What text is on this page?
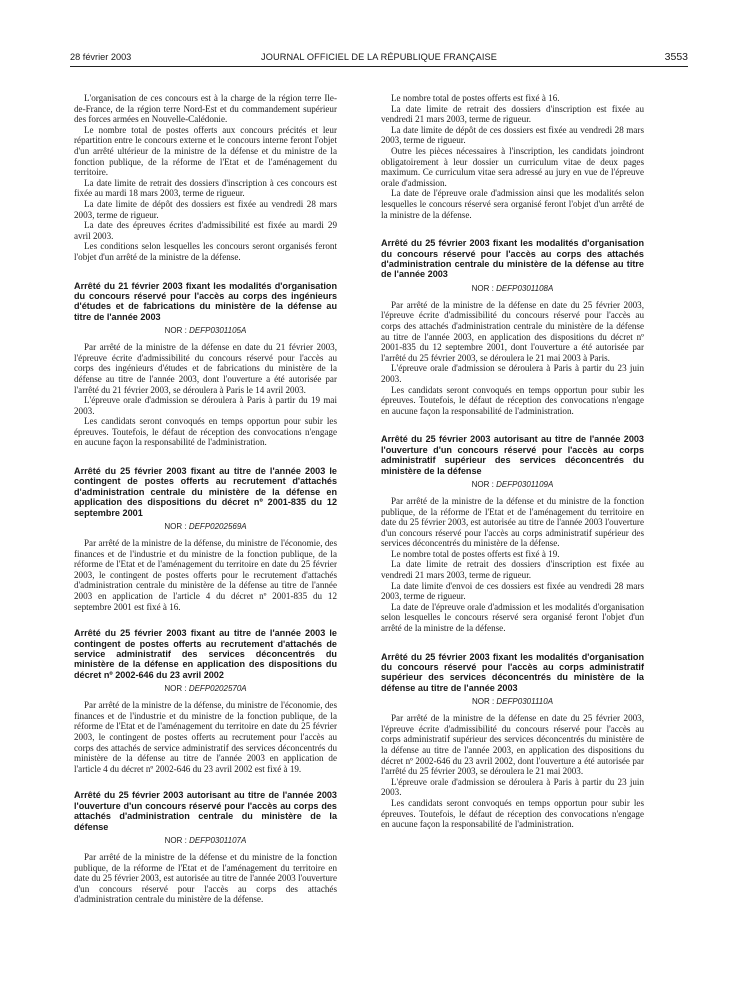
28 février 2003	JOURNAL OFFICIEL DE LA RÉPUBLIQUE FRANÇAISE	3553

L'organisation de ces concours est à la charge de la région terre Ile-de-France, de la région terre Nord-Est et du commandement supérieur des forces armées en Nouvelle-Calédonie.

Le nombre total de postes offerts aux concours précités et leur répartition entre le concours externe et le concours interne feront l'objet d'un arrêté ultérieur de la ministre de la défense et du ministre de la fonction publique, de la réforme de l'Etat et de l'aménagement du territoire.

La date limite de retrait des dossiers d'inscription à ces concours est fixée au mardi 18 mars 2003, terme de rigueur.

La date limite de dépôt des dossiers est fixée au vendredi 28 mars 2003, terme de rigueur.

La date des épreuves écrites d'admissibilité est fixée au mardi 29 avril 2003.

Les conditions selon lesquelles les concours seront organisés feront l'objet d'un arrêté de la ministre de la défense.

Arrêté du 21 février 2003 fixant les modalités d'organisation du concours réservé pour l'accès au corps des ingénieurs d'études et de fabrications du ministère de la défense au titre de l'année 2003
NOR : DEFP0301105A

Par arrêté de la ministre de la défense en date du 21 février 2003, l'épreuve écrite d'admissibilité du concours réservé pour l'accès au corps des ingénieurs d'études et de fabrications du ministère de la défense au titre de l'année 2003, dont l'ouverture a été autorisée par l'arrêté du 21 février 2003, se déroulera à Paris le 14 avril 2003.

L'épreuve orale d'admission se déroulera à Paris à partir du 19 mai 2003.

Les candidats seront convoqués en temps opportun pour subir les épreuves. Toutefois, le défaut de réception des convocations n'engage en aucune façon la responsabilité de l'administration.

Arrêté du 25 février 2003 fixant au titre de l'année 2003 le contingent de postes offerts au recrutement d'attachés d'administration centrale du ministère de la défense en application des dispositions du décret nº 2001-835 du 12 septembre 2001
NOR : DEFP0202569A

Par arrêté de la ministre de la défense, du ministre de l'économie, des finances et de l'industrie et du ministre de la fonction publique, de la réforme de l'Etat et de l'aménagement du territoire en date du 25 février 2003, le contingent de postes offerts pour le recrutement d'attachés d'administration centrale du ministère de la défense au titre de l'année 2003 en application de l'article 4 du décret nº 2001-835 du 12 septembre 2001 est fixé à 16.

Arrêté du 25 février 2003 fixant au titre de l'année 2003 le contingent de postes offerts au recrutement d'attachés de service administratif des services déconcentrés du ministère de la défense en application des dispositions du décret nº 2002-646 du 23 avril 2002
NOR : DEFP0202570A

Par arrêté de la ministre de la défense, du ministre de l'économie, des finances et de l'industrie et du ministre de la fonction publique, de la réforme de l'Etat et de l'aménagement du territoire en date du 25 février 2003, le contingent de postes offerts au recrutement pour l'accès au corps des attachés de service administratif des services déconcentrés du ministère de la défense au titre de l'année 2003 en application de l'article 4 du décret nº 2002-646 du 23 avril 2002 est fixé à 19.

Arrêté du 25 février 2003 autorisant au titre de l'année 2003 l'ouverture d'un concours réservé pour l'accès au corps des attachés d'administration centrale du ministère de la défense
NOR : DEFP0301107A

Par arrêté de la ministre de la défense et du ministre de la fonction publique, de la réforme de l'Etat et de l'aménagement du territoire en date du 25 février 2003, est autorisée au titre de l'année 2003 l'ouverture d'un concours réservé pour l'accès au corps des attachés d'administration centrale du ministère de la défense.

Le nombre total de postes offerts est fixé à 16.

La date limite de retrait des dossiers d'inscription est fixée au vendredi 21 mars 2003, terme de rigueur.

La date limite de dépôt de ces dossiers est fixée au vendredi 28 mars 2003, terme de rigueur.

Outre les pièces nécessaires à l'inscription, les candidats joindront obligatoirement à leur dossier un curriculum vitae de deux pages maximum. Ce curriculum vitae sera adressé au jury en vue de l'épreuve orale d'admission.

La date de l'épreuve orale d'admission ainsi que les modalités selon lesquelles le concours réservé sera organisé feront l'objet d'un arrêté de la ministre de la défense.

Arrêté du 25 février 2003 fixant les modalités d'organisation du concours réservé pour l'accès au corps des attachés d'administration centrale du ministère de la défense au titre de l'année 2003
NOR : DEFP0301108A

Par arrêté de la ministre de la défense en date du 25 février 2003, l'épreuve écrite d'admissibilité du concours réservé pour l'accès au corps des attachés d'administration centrale du ministère de la défense au titre de l'année 2003, en application des dispositions du décret nº 2001-835 du 12 septembre 2001, dont l'ouverture a été autorisée par l'arrêté du 25 février 2003, se déroulera le 21 mai 2003 à Paris.

L'épreuve orale d'admission se déroulera à Paris à partir du 23 juin 2003.

Les candidats seront convoqués en temps opportun pour subir les épreuves. Toutefois, le défaut de réception des convocations n'engage en aucune façon la responsabilité de l'administration.

Arrêté du 25 février 2003 autorisant au titre de l'année 2003 l'ouverture d'un concours réservé pour l'accès au corps administratif supérieur des services déconcentrés du ministère de la défense
NOR : DEFP0301109A

Par arrêté de la ministre de la défense et du ministre de la fonction publique, de la réforme de l'Etat et de l'aménagement du territoire en date du 25 février 2003, est autorisée au titre de l'année 2003 l'ouverture d'un concours réservé pour l'accès au corps administratif supérieur des services déconcentrés du ministère de la défense.

Le nombre total de postes offerts est fixé à 19.

La date limite de retrait des dossiers d'inscription est fixée au vendredi 21 mars 2003, terme de rigueur.

La date limite d'envoi de ces dossiers est fixée au vendredi 28 mars 2003, terme de rigueur.

La date de l'épreuve orale d'admission et les modalités d'organisation selon lesquelles le concours réservé sera organisé feront l'objet d'un arrêté de la ministre de la défense.

Arrêté du 25 février 2003 fixant les modalités d'organisation du concours réservé pour l'accès au corps administratif supérieur des services déconcentrés du ministère de la défense au titre de l'année 2003
NOR : DEFP0301110A

Par arrêté de la ministre de la défense en date du 25 février 2003, l'épreuve écrite d'admissibilité du concours réservé pour l'accès au corps administratif supérieur des services déconcentrés du ministère de la défense au titre de l'année 2003, en application des dispositions du décret nº 2002-646 du 23 avril 2002, dont l'ouverture a été autorisée par l'arrêté du 25 février 2003, se déroulera le 21 mai 2003.

L'épreuve orale d'admission se déroulera à Paris à partir du 23 juin 2003.

Les candidats seront convoqués en temps opportun pour subir les épreuves. Toutefois, le défaut de réception des convocations n'engage en aucune façon la responsabilité de l'administration.
